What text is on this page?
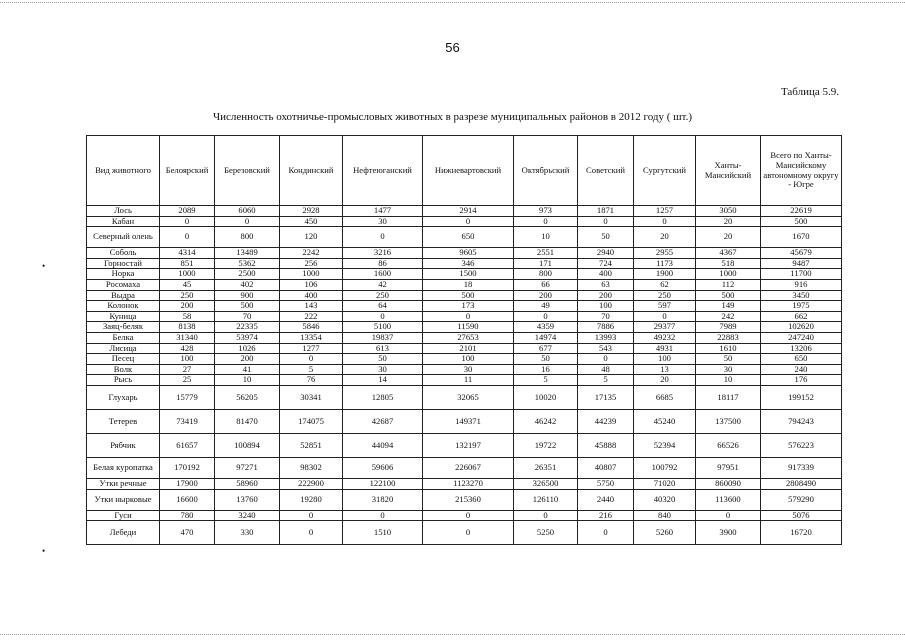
56
Таблица 5.9.
Численность охотничье-промысловых животных в разрезе муниципальных районов в 2012 году ( шт.)
•
•
Вид животного	Белоярский	Березовский	Кондинский	Нефтеюганский	Нижневартовский	Октябрьский	Советский	Сургутский	Ханты-Мансийский	Всего по Ханты-Мансийскому автономному округу - Югре
Лось	2089	6060	2928	1477	2914	973	1871	1257	3050	22619
Кабан	0	0	450	30	0	0	0	0	20	500
Северный олень	0	800	120	0	650	10	50	20	20	1670
Соболь	4314	13489	2242	3216	9605	2551	2940	2955	4367	45679
Горностай	851	5362	256	86	346	171	724	1173	518	9487
Норка	1000	2500	1000	1600	1500	800	400	1900	1000	11700
Росомаха	45	402	106	42	18	66	63	62	112	916
Выдра	250	900	400	250	500	200	200	250	500	3450
Колонок	200	500	143	64	173	49	100	597	149	1975
Куница	58	70	222	0	0	0	70	0	242	662
Заяц-беляк	8138	22335	5846	5100	11590	4359	7886	29377	7989	102620
Белка	31340	53974	13354	19837	27653	14974	13993	49232	22883	247240
Лисица	428	1026	1277	613	2101	677	543	4931	1610	13206
Песец	100	200	0	50	100	50	0	100	50	650
Волк	27	41	5	30	30	16	48	13	30	240
Рысь	25	10	76	14	11	5	5	20	10	176
Глухарь	15779	56205	30341	12805	32065	10020	17135	6685	18117	199152
Тетерев	73419	81470	174075	42687	149371	46242	44239	45240	137500	794243
Рябчик	61657	100894	52851	44094	132197	19722	45888	52394	66526	576223
Белая куропатка	170192	97271	98302	59606	226067	26351	40807	100792	97951	917339
Утки речные	17900	58960	222900	122100	1123270	326500	5750	71020	860090	2808490
Утки нырковые	16600	13760	19280	31820	215360	126110	2440	40320	113600	579290
Гуси	780	3240	0	0	0	0	216	840	0	5076
Лебеди	470	330	0	1510	0	5250	0	5260	3900	16720
